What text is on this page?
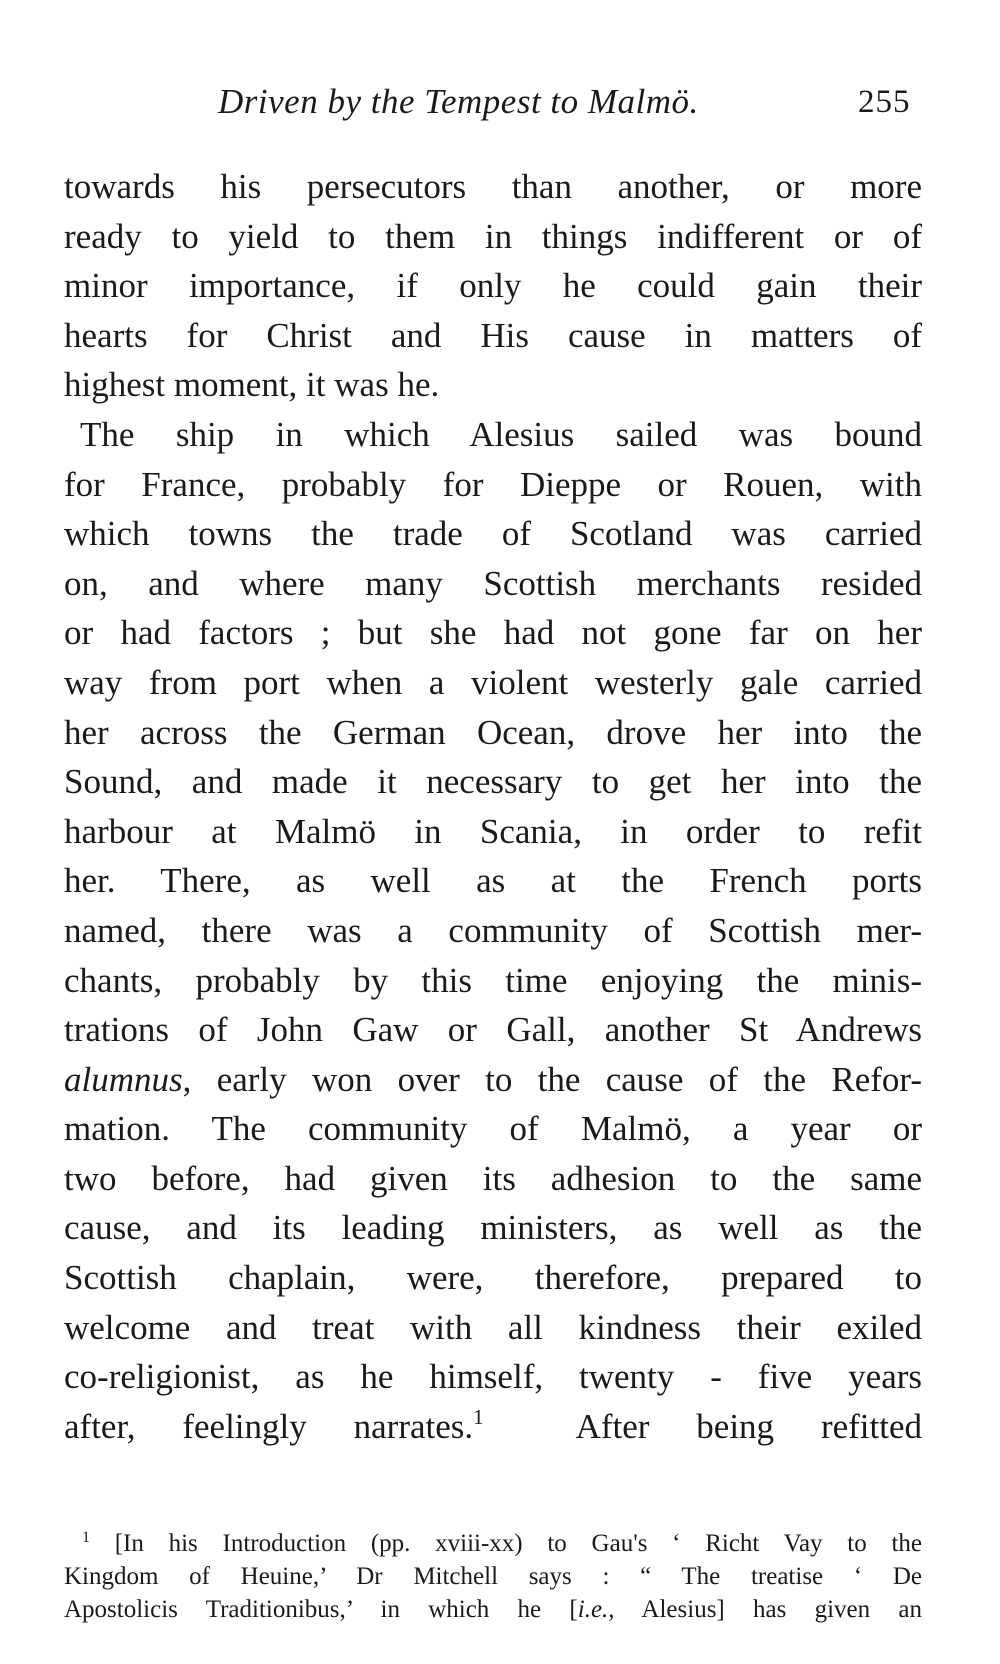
Driven by the Tempest to Malmö.	255
towards his persecutors than another, or more
ready to yield to them in things indifferent or of
minor importance, if only he could gain their
hearts for Christ and His cause in matters of
highest moment, it was he.
The ship in which Alesius sailed was bound
for France, probably for Dieppe or Rouen, with
which towns the trade of Scotland was carried
on, and where many Scottish merchants resided
or had factors ; but she had not gone far on her
way from port when a violent westerly gale carried
her across the German Ocean, drove her into the
Sound, and made it necessary to get her into the
harbour at Malmö in Scania, in order to refit
her. There, as well as at the French ports
named, there was a community of Scottish mer-
chants, probably by this time enjoying the minis-
trations of John Gaw or Gall, another St Andrews
alumnus, early won over to the cause of the Refor-
mation. The community of Malmö, a year or
two before, had given its adhesion to the same
cause, and its leading ministers, as well as the
Scottish chaplain, were, therefore, prepared to
welcome and treat with all kindness their exiled
co-religionist, as he himself, twenty - five years
after, feelingly narrates.$^1$	After being refitted
$^1$ [In his Introduction (pp. xviii-xx) to Gau's ‘ Richt Vay to the
Kingdom of Heuine,’ Dr Mitchell says : “ The treatise ‘ De
Apostolicis Traditionibus,’ in which he [i.e., Alesius] has given an
